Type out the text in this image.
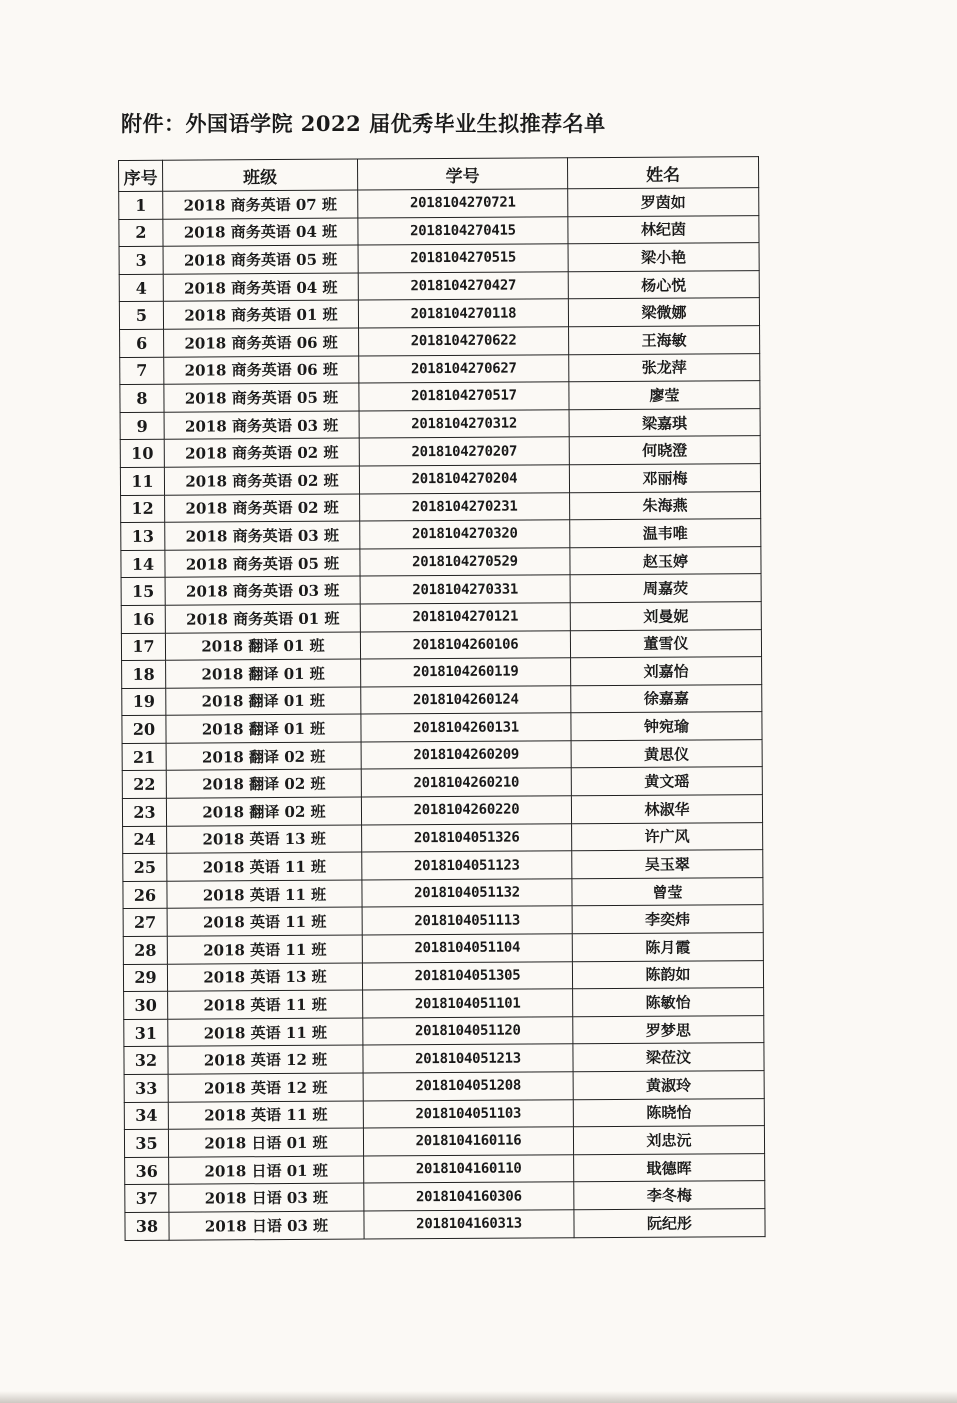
附件：外国语学院 2022 届优秀毕业生拟推荐名单
序号	班级	学号	姓名
1	2018 商务英语 07 班	2018104270721	罗茵如
2	2018 商务英语 04 班	2018104270415	林纪茵
3	2018 商务英语 05 班	2018104270515	梁小艳
4	2018 商务英语 04 班	2018104270427	杨心悦
5	2018 商务英语 01 班	2018104270118	梁微娜
6	2018 商务英语 06 班	2018104270622	王海敏
7	2018 商务英语 06 班	2018104270627	张龙萍
8	2018 商务英语 05 班	2018104270517	廖莹
9	2018 商务英语 03 班	2018104270312	梁嘉琪
10	2018 商务英语 02 班	2018104270207	何晓澄
11	2018 商务英语 02 班	2018104270204	邓丽梅
12	2018 商务英语 02 班	2018104270231	朱海燕
13	2018 商务英语 03 班	2018104270320	温韦唯
14	2018 商务英语 05 班	2018104270529	赵玉婷
15	2018 商务英语 03 班	2018104270331	周嘉荧
16	2018 商务英语 01 班	2018104270121	刘曼妮
17	2018 翻译 01 班	2018104260106	董雪仪
18	2018 翻译 01 班	2018104260119	刘嘉怡
19	2018 翻译 01 班	2018104260124	徐嘉嘉
20	2018 翻译 01 班	2018104260131	钟宛瑜
21	2018 翻译 02 班	2018104260209	黄思仪
22	2018 翻译 02 班	2018104260210	黄文瑶
23	2018 翻译 02 班	2018104260220	林淑华
24	2018 英语 13 班	2018104051326	许广风
25	2018 英语 11 班	2018104051123	吴玉翠
26	2018 英语 11 班	2018104051132	曾莹
27	2018 英语 11 班	2018104051113	李奕炜
28	2018 英语 11 班	2018104051104	陈月霞
29	2018 英语 13 班	2018104051305	陈韵如
30	2018 英语 11 班	2018104051101	陈敏怡
31	2018 英语 11 班	2018104051120	罗梦思
32	2018 英语 12 班	2018104051213	梁莅汶
33	2018 英语 12 班	2018104051208	黄淑玲
34	2018 英语 11 班	2018104051103	陈晓怡
35	2018 日语 01 班	2018104160116	刘忠沅
36	2018 日语 01 班	2018104160110	戢德晖
37	2018 日语 03 班	2018104160306	李冬梅
38	2018 日语 03 班	2018104160313	阮纪彤
